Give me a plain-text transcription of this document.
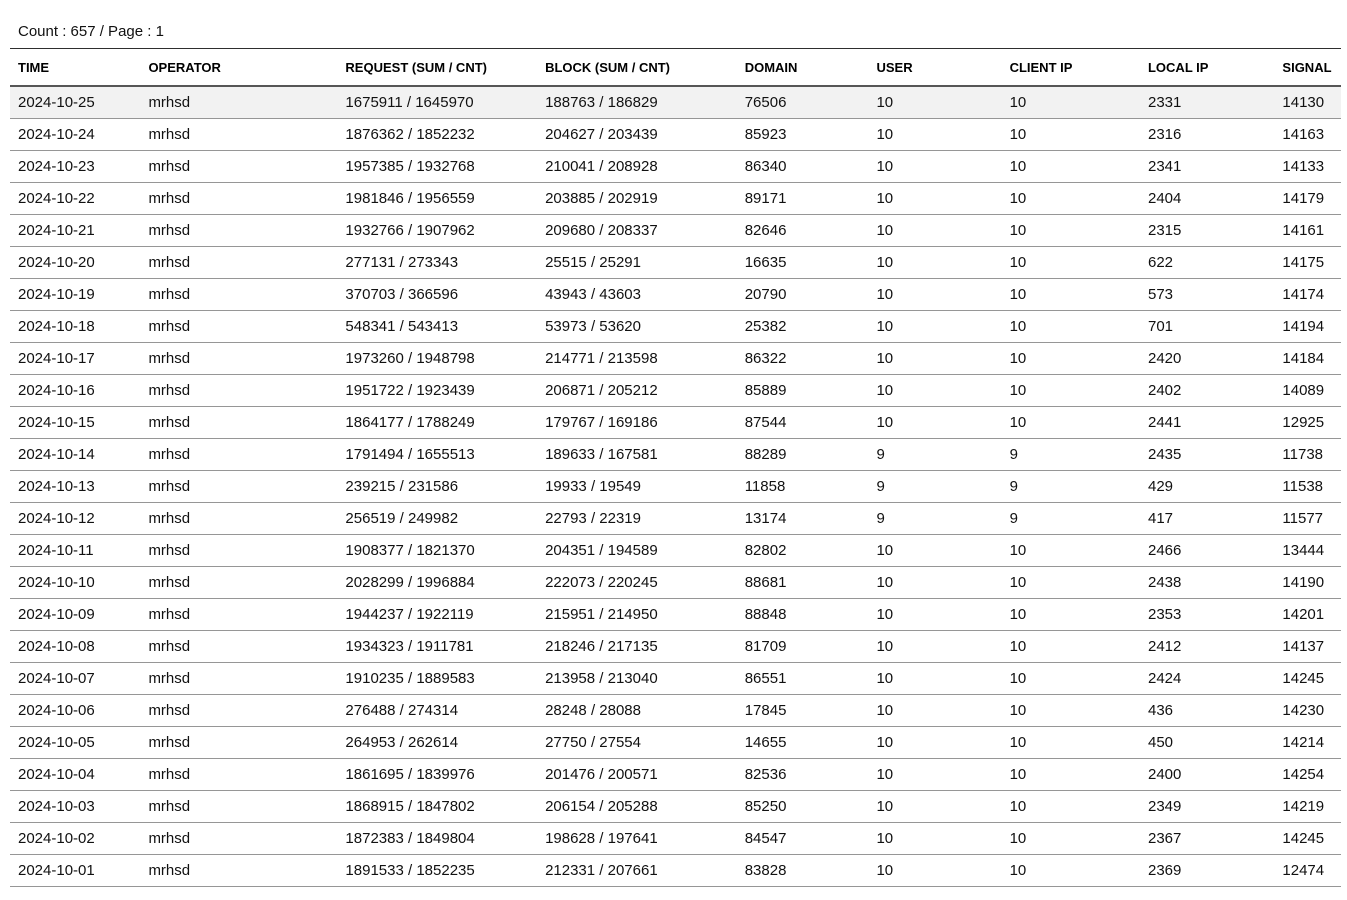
Count : 657 / Page : 1
TIME	OPERATOR	REQUEST (SUM / CNT)	BLOCK (SUM / CNT)	DOMAIN	USER	CLIENT IP	LOCAL IP	SIGNAL
2024-10-25	mrhsd	1675911 / 1645970	188763 / 186829	76506	10	10	2331	14130
2024-10-24	mrhsd	1876362 / 1852232	204627 / 203439	85923	10	10	2316	14163
2024-10-23	mrhsd	1957385 / 1932768	210041 / 208928	86340	10	10	2341	14133
2024-10-22	mrhsd	1981846 / 1956559	203885 / 202919	89171	10	10	2404	14179
2024-10-21	mrhsd	1932766 / 1907962	209680 / 208337	82646	10	10	2315	14161
2024-10-20	mrhsd	277131 / 273343	25515 / 25291	16635	10	10	622	14175
2024-10-19	mrhsd	370703 / 366596	43943 / 43603	20790	10	10	573	14174
2024-10-18	mrhsd	548341 / 543413	53973 / 53620	25382	10	10	701	14194
2024-10-17	mrhsd	1973260 / 1948798	214771 / 213598	86322	10	10	2420	14184
2024-10-16	mrhsd	1951722 / 1923439	206871 / 205212	85889	10	10	2402	14089
2024-10-15	mrhsd	1864177 / 1788249	179767 / 169186	87544	10	10	2441	12925
2024-10-14	mrhsd	1791494 / 1655513	189633 / 167581	88289	9	9	2435	11738
2024-10-13	mrhsd	239215 / 231586	19933 / 19549	11858	9	9	429	11538
2024-10-12	mrhsd	256519 / 249982	22793 / 22319	13174	9	9	417	11577
2024-10-11	mrhsd	1908377 / 1821370	204351 / 194589	82802	10	10	2466	13444
2024-10-10	mrhsd	2028299 / 1996884	222073 / 220245	88681	10	10	2438	14190
2024-10-09	mrhsd	1944237 / 1922119	215951 / 214950	88848	10	10	2353	14201
2024-10-08	mrhsd	1934323 / 1911781	218246 / 217135	81709	10	10	2412	14137
2024-10-07	mrhsd	1910235 / 1889583	213958 / 213040	86551	10	10	2424	14245
2024-10-06	mrhsd	276488 / 274314	28248 / 28088	17845	10	10	436	14230
2024-10-05	mrhsd	264953 / 262614	27750 / 27554	14655	10	10	450	14214
2024-10-04	mrhsd	1861695 / 1839976	201476 / 200571	82536	10	10	2400	14254
2024-10-03	mrhsd	1868915 / 1847802	206154 / 205288	85250	10	10	2349	14219
2024-10-02	mrhsd	1872383 / 1849804	198628 / 197641	84547	10	10	2367	14245
2024-10-01	mrhsd	1891533 / 1852235	212331 / 207661	83828	10	10	2369	12474
